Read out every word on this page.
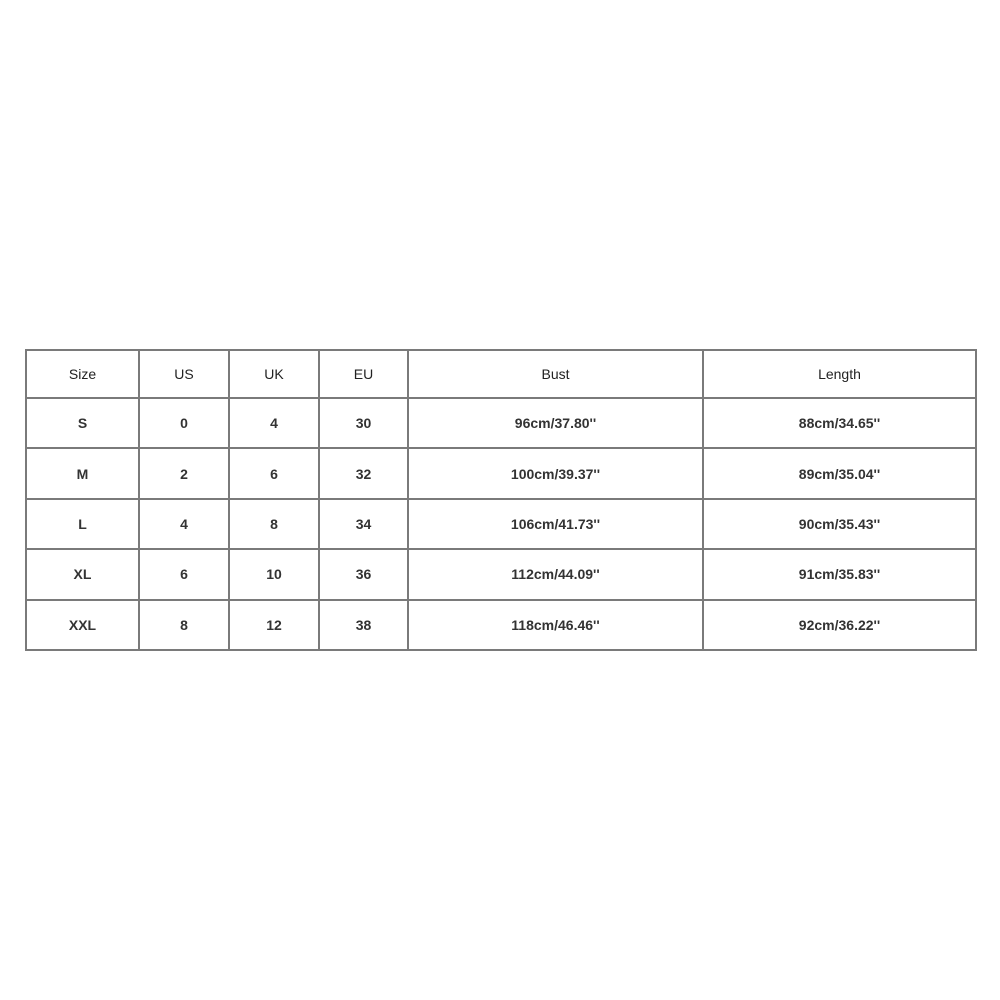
Size	US	UK	EU	Bust	Length
S	0	4	30	96cm/37.80''	88cm/34.65''
M	2	6	32	100cm/39.37''	89cm/35.04''
L	4	8	34	106cm/41.73''	90cm/35.43''
XL	6	10	36	112cm/44.09''	91cm/35.83''
XXL	8	12	38	118cm/46.46''	92cm/36.22''
